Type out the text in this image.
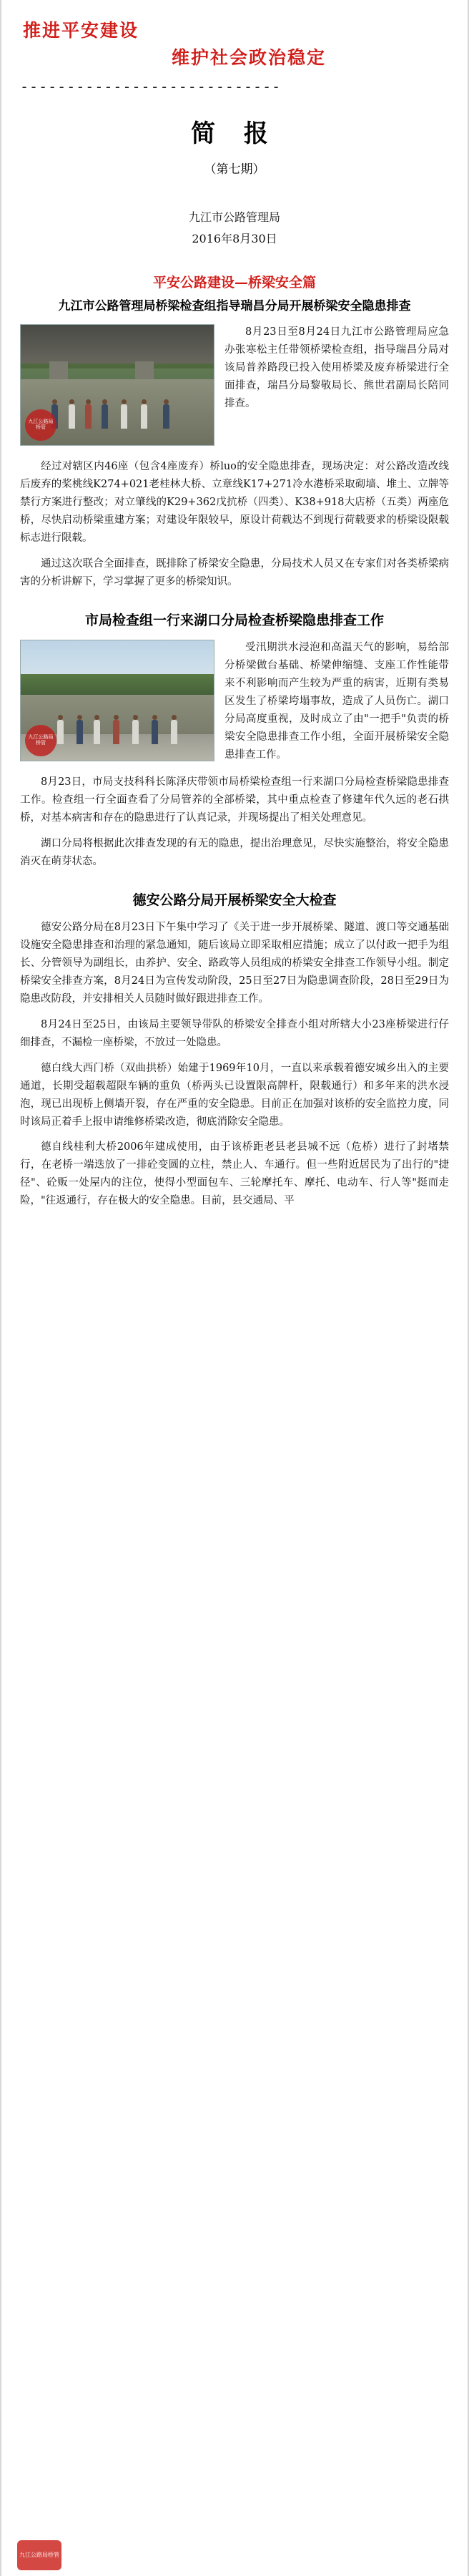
推进平安建设
维护社会政治稳定
----------------------------
简 报
（第七期）
九江市公路管理局
2016年8月30日
平安公路建设—桥梁安全篇
九江市公路管理局桥梁检查组指导瑞昌分局开展桥梁安全隐患排查
九江公路局桥管

8月23日至8月24日九江市公路管理局应急办张寒松主任带领桥梁检查组，指导瑞昌分局对该局普养路段已投入使用桥梁及废弃桥梁进行全面排查，瑞昌分局黎敬局长、熊世君副局长陪同排查。

经过对辖区内46座（包含4座废弃）桥luo的安全隐患排查，现场决定：对公路改造改线后废弃的桨桃线K274+021老桂林大桥、立章线K17+271冷水港桥采取砌墙、堆土、立牌等禁行方案进行整改；对立肇线的K29+362戊抗桥（四类）、K38+918大店桥（五类）两座危桥，尽快启动桥梁重建方案；对建设年限较早，原设计荷载达不到现行荷载要求的桥梁设限载标志进行限载。

通过这次联合全面排查，既排除了桥梁安全隐患，分局技术人员又在专家们对各类桥梁病害的分析讲解下，学习掌握了更多的桥梁知识。

市局检查组一行来湖口分局检查桥梁隐患排查工作
九江公路局桥管

受汛期洪水浸泡和高温天气的影响，易给部分桥梁做台基础、桥梁伸缩缝、支座工作性能带来不利影响而产生较为严重的病害，近期有类易区发生了桥梁垮塌事故，造成了人员伤亡。湖口分局高度重视，及时成立了由"一把手"负责的桥梁安全隐患排查工作小组，全面开展桥梁安全隐患排查工作。

8月23日，市局支技科科长陈泽庆带领市局桥梁检查组一行来湖口分局检查桥梁隐患排查工作。检查组一行全面查看了分局管养的全部桥梁，其中重点检查了修建年代久远的老石拱桥，对基本病害和存在的隐患进行了认真记录，并现场提出了相关处理意见。

湖口分局将根据此次排查发现的有无的隐患，提出治理意见，尽快实施整治，将安全隐患消灭在萌芽状态。

德安公路分局开展桥梁安全大检查

德安公路分局在8月23日下午集中学习了《关于进一步开展桥梁、隧道、渡口等交通基础设施安全隐患排查和治理的紧急通知，随后该局立即采取相应措施；成立了以付政一把手为组长、分管领导为副组长，由养护、安全、路政等人员组成的桥梁安全排查工作领导小组。制定桥梁安全排查方案，8月24日为宣传发动阶段，25日至27日为隐患调查阶段，28日至29日为隐患改防段，并安排相关人员随时做好跟进排查工作。

8月24日至25日，由该局主要领导带队的桥梁安全排查小组对所辖大小23座桥梁进行仔细排查，不漏检一座桥梁，不放过一处隐患。

德白线大西门桥（双曲拱桥）始建于1969年10月，一直以来承载着德安城乡出入的主要通道，长期受超载超限车辆的重负（桥两头已设置限高牌杆，限载通行）和多年来的洪水浸泡，现已出现桥上侧墙开裂，存在严重的安全隐患。目前正在加强对该桥的安全监控力度，同时该局正着手上报申请维修桥梁改造，彻底消除安全隐患。

德自线桂利大桥2006年建成使用，由于该桥距老县老县城不远（危桥）进行了封堵禁行，在老桥一端迭放了一排砼变圆的立柱，禁止人、车通行。但一些附近居民为了出行的"捷径"、砼贩一处屋内的注位，使得小型面包车、三轮摩托车、摩托、电动车、行人等"挺而走险，"往返通行，存在极大的安全隐患。目前，县交通局、平

九江公路局桥管
